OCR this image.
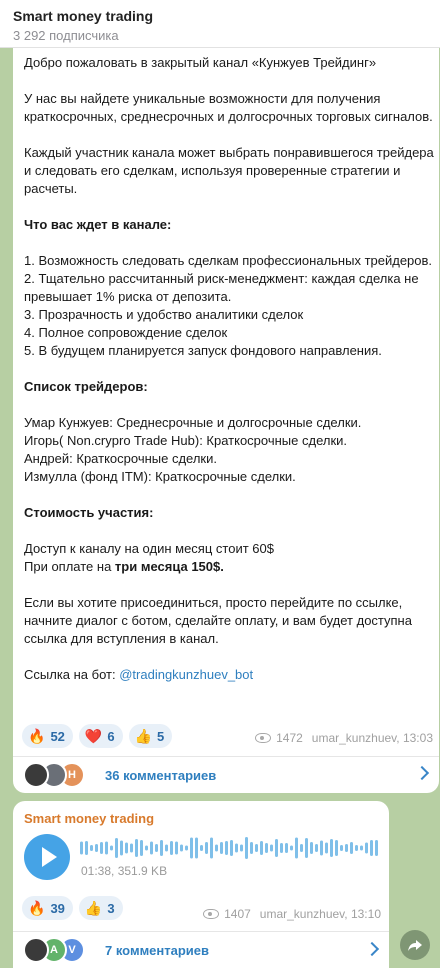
Smart money trading
3 292 подписчика
Добро пожаловать в закрытый канал «Кунжуев Трейдинг»
У нас вы найдете уникальные возможности для получения краткосрочных, среднесрочных и долгосрочных торговых сигналов.
Каждый участник канала может выбрать понравившегося трейдера и следовать его сделкам, используя проверенные стратегии и расчеты.
Что вас ждет в канале:
1. Возможность следовать сделкам профессиональных трейдеров.
2. Тщательно рассчитанный риск-менеджмент: каждая сделка не превышает 1% риска от депозита.
3. Прозрачность и удобство аналитики сделок
4. Полное сопровождение сделок
5. В будущем планируется запуск фондового направления.
Список трейдеров:
Умар Кунжуев: Среднесрочные и долгосрочные сделки.
Игорь( Non.crypro Trade Hub): Краткосрочные сделки.
Андрей: Краткосрочные сделки.
Измулла (фонд ITM): Краткосрочные сделки.
Стоимость участия:
Доступ к каналу на один месяц стоит 60$
При оплате на три месяца 150$.
Если вы хотите присоединиться, просто перейдите по ссылке, начните диалог с ботом, сделайте оплату, и вам будет доступна ссылка для вступления в канал.
Ссылка на бот: @tradingkunzhuev_bot
🔥 52 ❤️ 6 👍 5	1472 umar_kunzhuev, 13:03
H	36 комментариев
Smart money trading
01:38, 351.9 KB
🔥 39 👍 3	1407 umar_kunzhuev, 13:10
A V	7 комментариев
